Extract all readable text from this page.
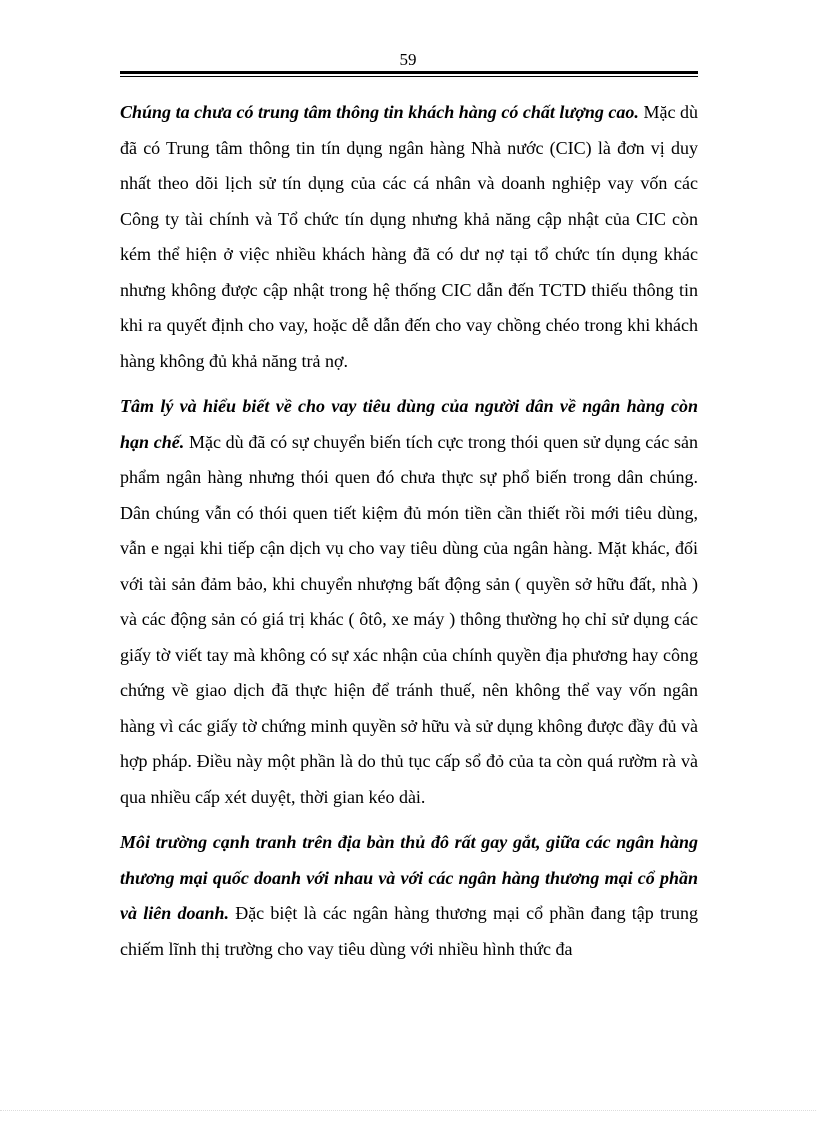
59

Chúng ta chưa có trung tâm thông tin khách hàng có chất lượng cao. Mặc dù đã có Trung tâm thông tin tín dụng ngân hàng Nhà nước (CIC) là đơn vị duy nhất theo dõi lịch sử tín dụng của các cá nhân và doanh nghiệp vay vốn các Công ty tài chính và Tổ chức tín dụng nhưng khả năng cập nhật của CIC còn kém thể hiện ở việc nhiều khách hàng đã có dư nợ tại tổ chức tín dụng khác nhưng không được cập nhật trong hệ thống CIC dẫn đến TCTD thiếu thông tin khi ra quyết định cho vay, hoặc dễ dẫn đến cho vay chồng chéo trong khi khách hàng không đủ khả năng trả nợ.

Tâm lý và hiểu biết về cho vay tiêu dùng của người dân về ngân hàng còn hạn chế. Mặc dù đã có sự chuyển biến tích cực trong thói quen sử dụng các sản phẩm ngân hàng nhưng thói quen đó chưa thực sự phổ biến trong dân chúng. Dân chúng vẫn có thói quen tiết kiệm đủ món tiền cần thiết rồi mới tiêu dùng, vẫn e ngại khi tiếp cận dịch vụ cho vay tiêu dùng của ngân hàng. Mặt khác, đối với tài sản đảm bảo, khi chuyển nhượng bất động sản ( quyền sở hữu đất, nhà ) và các động sản có giá trị khác ( ôtô, xe máy ) thông thường họ chỉ sử dụng các giấy tờ viết tay mà không có sự xác nhận của chính quyền địa phương hay công chứng về giao dịch đã thực hiện để tránh thuế, nên không thể vay vốn ngân hàng vì các giấy tờ chứng minh quyền sở hữu và sử dụng không được đầy đủ và hợp pháp. Điều này một phần là do thủ tục cấp sổ đỏ của ta còn quá rườm rà và qua nhiều cấp xét duyệt, thời gian kéo dài.

Môi trường cạnh tranh trên địa bàn thủ đô rất gay gắt, giữa các ngân hàng thương mại quốc doanh với nhau và với các ngân hàng thương mại cổ phần và liên doanh. Đặc biệt là các ngân hàng thương mại cổ phần đang tập trung chiếm lĩnh thị trường cho vay tiêu dùng với nhiều hình thức đa
